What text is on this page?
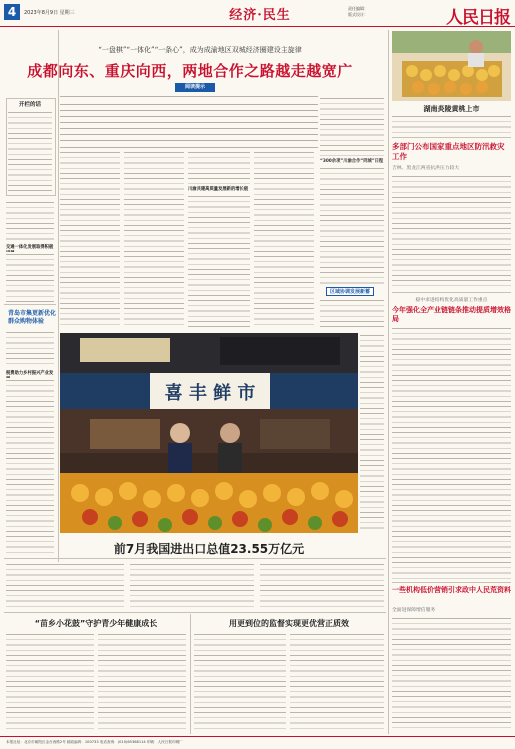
4	2023年8月9日 星期三	经济·民生	责任编辑：
版式设计：	人民日报
开栏的话
交通一体化发展取得积极
青岛市集更新优化群众购物体验
税费助力乡村振兴产业发
“一盘棋”“一体化”“一条心”，成为成渝地区双城经济圈建设主旋律
成都向东、重庆向西，两地合作之路越走越宽广
阅读提示
川渝共建高质量发展新的增长极
“300余项”川渝合作“同城”日程
区域协调发展新蓄
喜 丰 鲜 市
前7月我国进出口总值23.55万亿元
“苗乡小花鼓”守护青少年健康成长	用更到位的监督实现更优营正质效
湖南炎陵黄桃上市
多部门公布国家重点地区防汛救灾工作
吉林、黑龙江两省抗洪压力较大
稳中求进结构优化高质量工作重点
今年强化全产业链链条推动提质增效格局
一些机构低价营销引求政中人民荒资料
全面进保障增信服务
本报社址：北京市朝阳区金台西路2号 邮政编码：100733 电话查询：(010)65368114 印刷：人民日报印刷厂
